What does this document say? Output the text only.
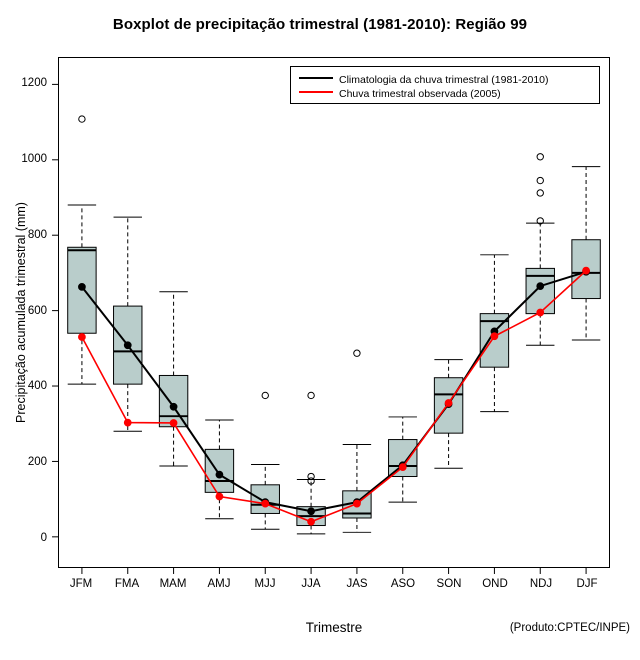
Boxplot de precipitação trimestral (1981-2010): Região 99
Precipitação acumulada trimestral (mm)
Trimestre	(Produto:CPTEC/INPE)
0
200
400
600
800
1000
1200
JFM	FMA	MAM	AMJ	MJJ	JJA	JAS	ASO	SON	OND	NDJ	DJF
Climatologia da chuva trimestral (1981-2010)
Chuva trimestral observada (2005)
